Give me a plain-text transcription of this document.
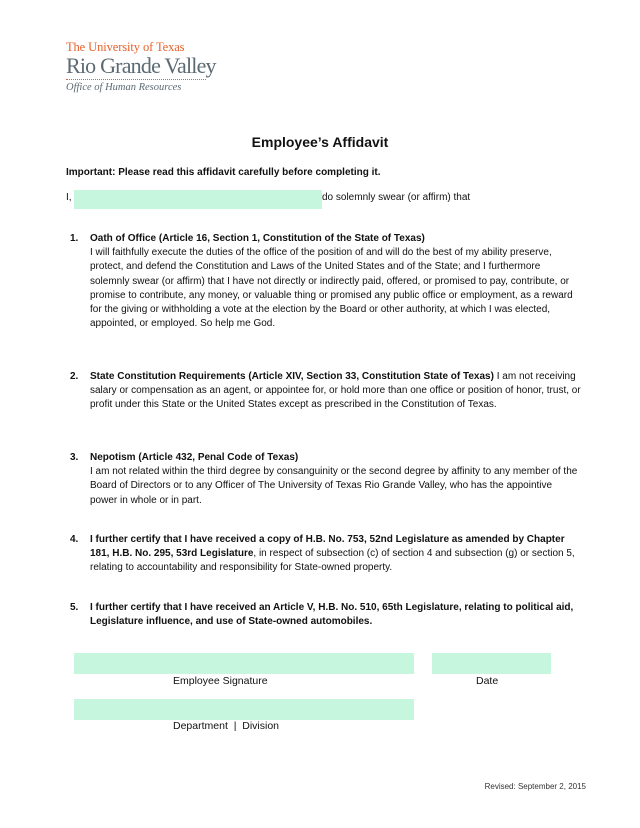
The University of Texas
Rio Grande Valley
Office of Human Resources
Employee’s Affidavit
Important: Please read this affidavit carefully before completing it.
I,	do solemnly swear (or affirm) that
1. Oath of Office (Article 16, Section 1, Constitution of the State of Texas)
I will faithfully execute the duties of the office of the position of and will do the best of my ability preserve, protect, and defend the Constitution and Laws of the United States and of the State; and I furthermore solemnly swear (or affirm) that I have not directly or indirectly paid, offered, or promised to pay, contribute, or promise to contribute, any money, or valuable thing or promised any public office or employment, as a reward for the giving or withholding a vote at the election by the Board or other authority, at which I was elected, appointed, or employed. So help me God.
2. State Constitution Requirements (Article XIV, Section 33, Constitution State of Texas) I am not receiving salary or compensation as an agent, or appointee for, or hold more than one office or position of honor, trust, or profit under this State or the United States except as prescribed in the Constitution of Texas.
3. Nepotism (Article 432, Penal Code of Texas)
I am not related within the third degree by consanguinity or the second degree by affinity to any member of the Board of Directors or to any Officer of The University of Texas Rio Grande Valley, who has the appointive power in whole or in part.
4. I further certify that I have received a copy of H.B. No. 753, 52nd Legislature as amended by Chapter 181, H.B. No. 295, 53rd Legislature, in respect of subsection (c) of section 4 and subsection (g) or section 5, relating to accountability and responsibility for State-owned property.
5. I further certify that I have received an Article V, H.B. No. 510, 65th Legislature, relating to political aid, Legislature influence, and use of State-owned automobiles.
Employee Signature	Date
Department  |  Division
Revised: September 2, 2015
